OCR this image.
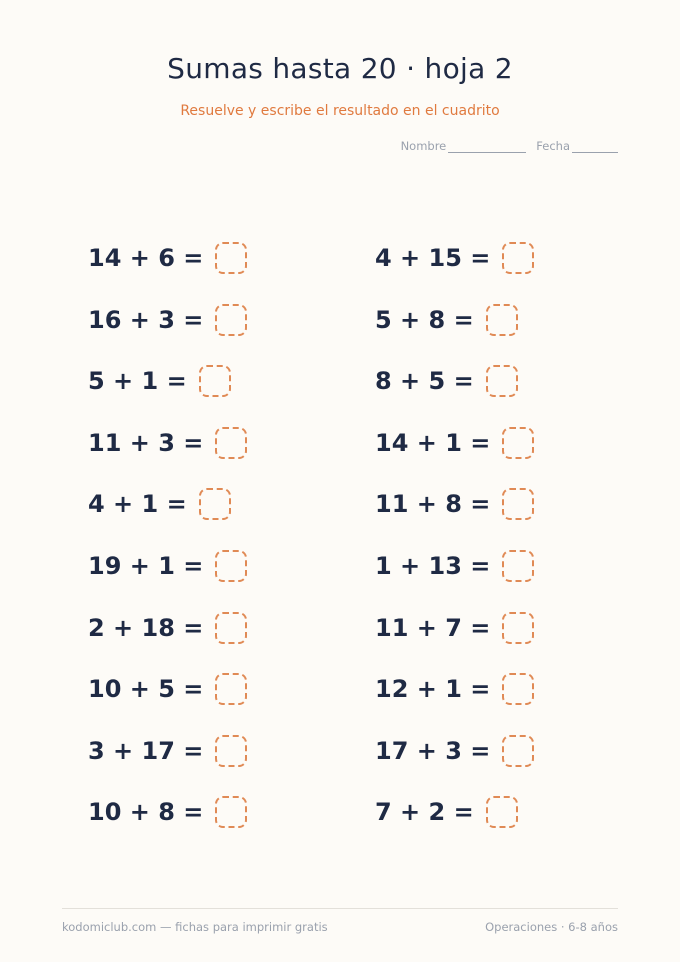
Sumas hasta 20 · hoja 2
Resuelve y escribe el resultado en el cuadrito
Nombre	Fecha
14 + 6 =
16 + 3 =
5 + 1 =
11 + 3 =
4 + 1 =
19 + 1 =
2 + 18 =
10 + 5 =
3 + 17 =
10 + 8 =
4 + 15 =
5 + 8 =
8 + 5 =
14 + 1 =
11 + 8 =
1 + 13 =
11 + 7 =
12 + 1 =
17 + 3 =
7 + 2 =
kodomiclub.com — fichas para imprimir gratis	Operaciones · 6-8 años
